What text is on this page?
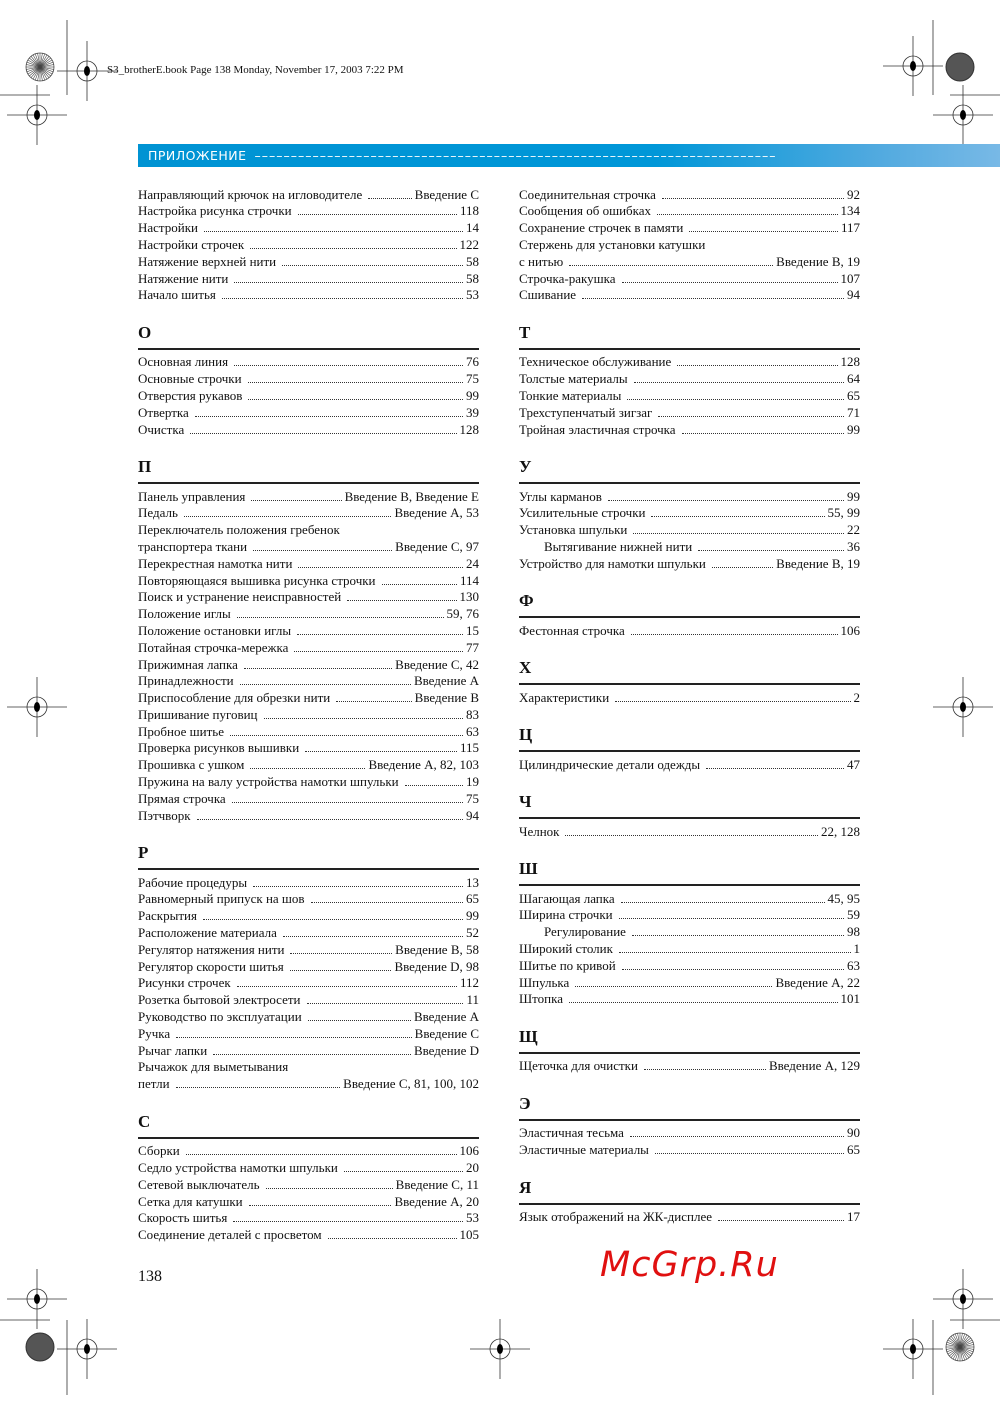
S3_brotherE.book Page 138 Monday, November 17, 2003 7:22 PM
ПРИЛОЖЕНИЕ ––––––––––––––––––––––––––––––––––––––––––––––––––––––––––––––––––––––––
Направляющий крючок на игловодителе	Введение C
Настройка рисунка строчки	118
Настройки	14
Настройки строчек	122
Натяжение верхней нити	58
Натяжение нити	58
Начало шитья	53
О
Основная линия	76
Основные строчки	75
Отверстия рукавов	99
Отвертка	39
Очистка	128
П
Панель управления	Введение B, Введение E
Педаль	Введение A, 53
Переключатель положения гребенок
транспортера ткани	Введение C, 97
Перекрестная намотка нити	24
Повторяющаяся вышивка рисунка строчки	114
Поиск и устранение неисправностей	130
Положение иглы	59, 76
Положение остановки иглы	15
Потайная строчка-мережка	77
Прижимная лапка	Введение C, 42
Принадлежности	Введение A
Приспособление для обрезки нити	Введение B
Пришивание пуговиц	83
Пробное шитье	63
Проверка рисунков вышивки	115
Прошивка с ушком	Введение A, 82, 103
Пружина на валу устройства намотки шпульки	19
Прямая строчка	75
Пэтчворк	94
Р
Рабочие процедуры	13
Равномерный припуск на шов	65
Раскрытия	99
Расположение материала	52
Регулятор натяжения нити	Введение B, 58
Регулятор скорости шитья	Введение D, 98
Рисунки строчек	112
Розетка бытовой электросети	11
Руководство по эксплуатации	Введение A
Ручка	Введение C
Рычаг лапки	Введение D
Рычажок для выметывания
петли	Введение C, 81, 100, 102
С
Сборки	106
Седло устройства намотки шпульки	20
Сетевой выключатель	Введение C, 11
Сетка для катушки	Введение A, 20
Скорость шитья	53
Соединение деталей с просветом	105
Соединительная строчка	92
Сообщения об ошибках	134
Сохранение строчек в памяти	117
Стержень для установки катушки
с нитью	Введение B, 19
Строчка-ракушка	107
Сшивание	94
Т
Техническое обслуживание	128
Толстые материалы	64
Тонкие материалы	65
Трехступенчатый зигзаг	71
Тройная эластичная строчка	99
У
Углы карманов	99
Усилительные строчки	55, 99
Установка шпульки	22
Вытягивание нижней нити	36
Устройство для намотки шпульки	Введение B, 19
Ф
Фестонная строчка	106
Х
Характеристики	2
Ц
Цилиндрические детали одежды	47
Ч
Челнок	22, 128
Ш
Шагающая лапка	45, 95
Ширина строчки	59
Регулирование	98
Широкий столик	1
Шитье по кривой	63
Шпулька	Введение A, 22
Штопка	101
Щ
Щеточка для очистки	Введение A, 129
Э
Эластичная тесьма	90
Эластичные материалы	65
Я
Язык отображений на ЖК-дисплее	17
138	McGrp.Ru
